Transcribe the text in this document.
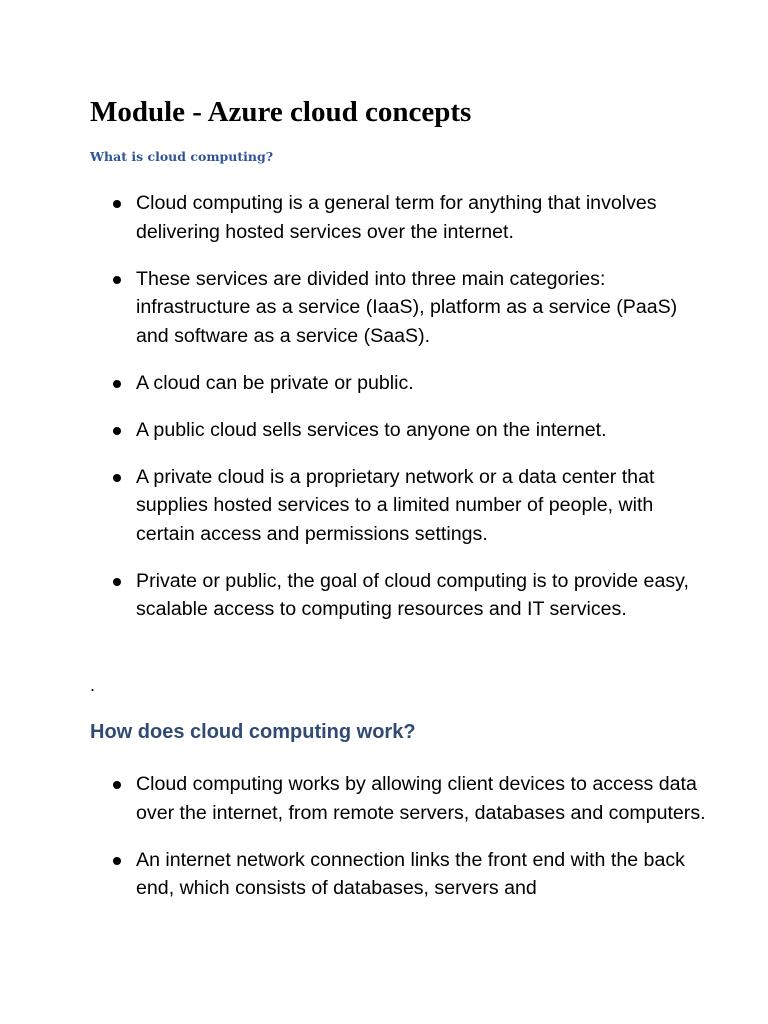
Module - Azure cloud concepts
What is cloud computing?
Cloud computing is a general term for anything that involves delivering hosted services over the internet.
These services are divided into three main categories: infrastructure as a service (IaaS), platform as a service (PaaS) and software as a service (SaaS).
A cloud can be private or public.
A public cloud sells services to anyone on the internet.
A private cloud is a proprietary network or a data center that supplies hosted services to a limited number of people, with certain access and permissions settings.
Private or public, the goal of cloud computing is to provide easy, scalable access to computing resources and IT services.
.
How does cloud computing work?
Cloud computing works by allowing client devices to access data over the internet, from remote servers, databases and computers.
An internet network connection links the front end with the back end, which consists of databases, servers and
